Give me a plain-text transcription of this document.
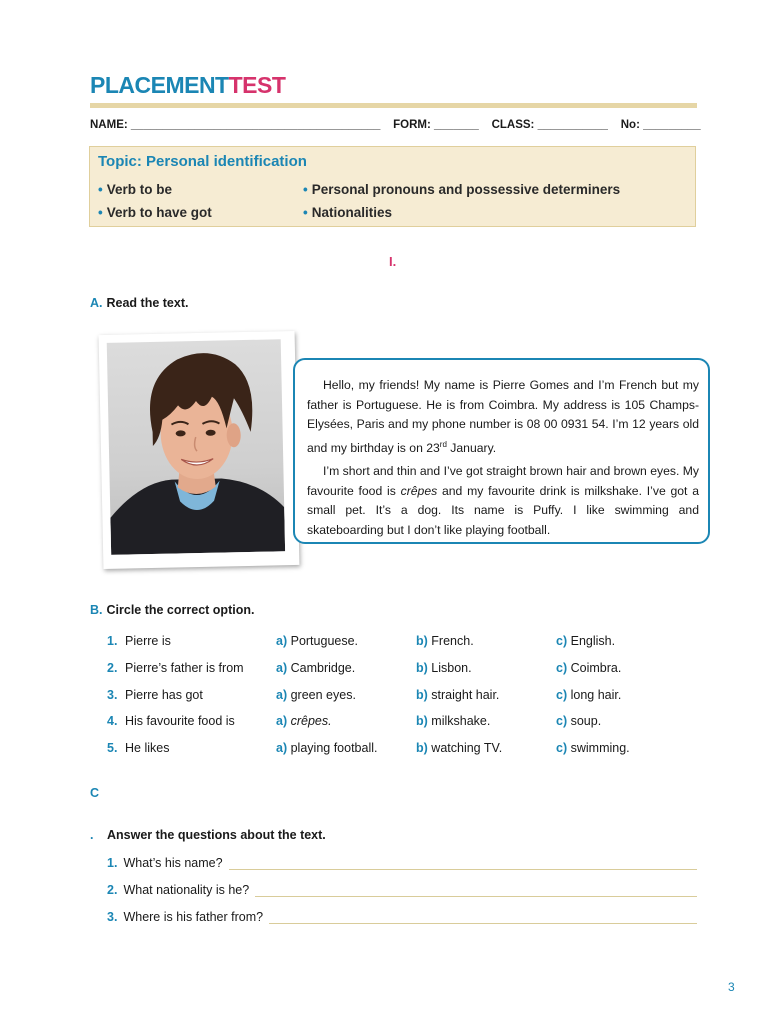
PLACEMENTTEST
NAME: _______________________________________ FORM: _______ CLASS: ___________ No: _________
Topic: Personal identification
• Verb to be
• Verb to have got
• Personal pronouns and possessive determiners
• Nationalities
I.
A. Read the text.

Hello, my friends! My name is Pierre Gomes and I’m French but my father is Portuguese. He is from Coimbra. My address is 105 Champs-Elysées, Paris and my phone number is 08 00 0931 54. I’m 12 years old and my birthday is on 23rd January.

I’m short and thin and I’ve got straight brown hair and brown eyes. My favourite food is crêpes and my favourite drink is milkshake. I’ve got a small pet. It’s a dog. Its name is Puffy. I like swimming and skateboarding but I don’t like playing football.

B. Circle the correct option.
1. Pierre is	a) Portuguese.	b) French.	c) English.
2. Pierre’s father is from	a) Cambridge.	b) Lisbon.	c) Coimbra.
3. Pierre has got	a) green eyes.	b) straight hair.	c) long hair.
4. His favourite food is	a) crêpes.	b) milkshake.	c) soup.
5. He likes	a) playing football.	b) watching TV.	c) swimming.
C
.	Answer the questions about the text.
1. What’s his name?
2. What nationality is he?
3. Where is his father from?
3
